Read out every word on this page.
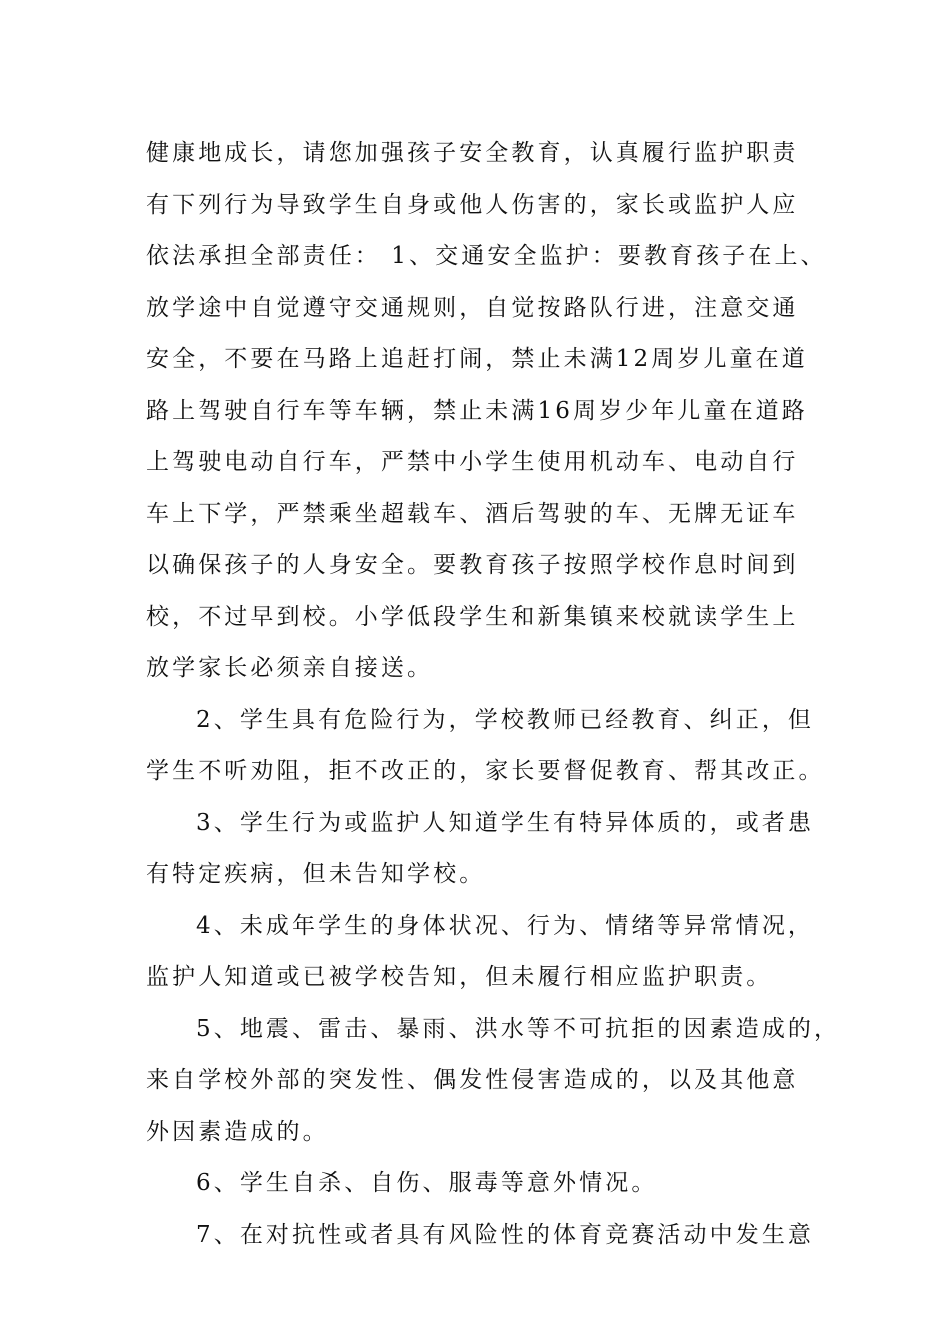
健康地成长，请您加强孩子安全教育，认真履行监护职责
有下列行为导致学生自身或他人伤害的，家长或监护人应
依法承担全部责任： 1、交通安全监护：要教育孩子在上、
放学途中自觉遵守交通规则，自觉按路队行进，注意交通
安全，不要在马路上追赶打闹，禁止未满12周岁儿童在道
路上驾驶自行车等车辆，禁止未满16周岁少年儿童在道路
上驾驶电动自行车，严禁中小学生使用机动车、电动自行
车上下学，严禁乘坐超载车、酒后驾驶的车、无牌无证车
以确保孩子的人身安全。要教育孩子按照学校作息时间到
校，不过早到校。小学低段学生和新集镇来校就读学生上
放学家长必须亲自接送。
2、学生具有危险行为，学校教师已经教育、纠正，但
学生不听劝阻，拒不改正的，家长要督促教育、帮其改正。
3、学生行为或监护人知道学生有特异体质的，或者患
有特定疾病，但未告知学校。
4、未成年学生的身体状况、行为、情绪等异常情况，
监护人知道或已被学校告知，但未履行相应监护职责。
5、地震、雷击、暴雨、洪水等不可抗拒的因素造成的，
来自学校外部的突发性、偶发性侵害造成的，以及其他意
外因素造成的。
6、学生自杀、自伤、服毒等意外情况。
7、在对抗性或者具有风险性的体育竞赛活动中发生意
